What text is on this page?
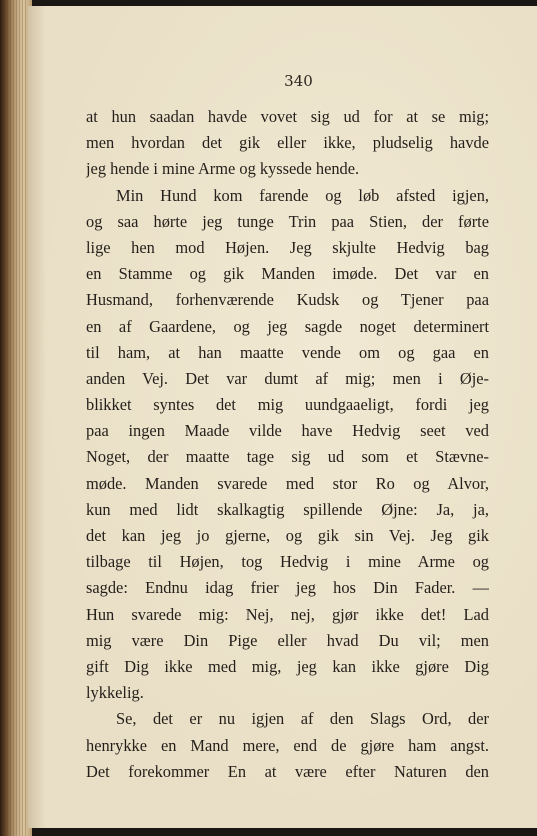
340
at hun saadan havde vovet sig ud for at se mig;
men hvordan det gik eller ikke, pludselig havde
jeg hende i mine Arme og kyssede hende.
Min Hund kom farende og løb afsted igjen,
og saa hørte jeg tunge Trin paa Stien, der førte
lige hen mod Højen. Jeg skjulte Hedvig bag
en Stamme og gik Manden imøde. Det var en
Husmand, forhenværende Kudsk og Tjener paa
en af Gaardene, og jeg sagde noget determinert
til ham, at han maatte vende om og gaa en
anden Vej. Det var dumt af mig; men i Øje-
blikket syntes det mig uundgaaeligt, fordi jeg
paa ingen Maade vilde have Hedvig seet ved
Noget, der maatte tage sig ud som et Stævne-
møde. Manden svarede med stor Ro og Alvor,
kun med lidt skalkagtig spillende Øjne: Ja, ja,
det kan jeg jo gjerne, og gik sin Vej. Jeg gik
tilbage til Højen, tog Hedvig i mine Arme og
sagde: Endnu idag frier jeg hos Din Fader. —
Hun svarede mig: Nej, nej, gjør ikke det! Lad
mig være Din Pige eller hvad Du vil; men
gift Dig ikke med mig, jeg kan ikke gjøre Dig
lykkelig.
Se, det er nu igjen af den Slags Ord, der
henrykke en Mand mere, end de gjøre ham angst.
Det forekommer En at være efter Naturen den
